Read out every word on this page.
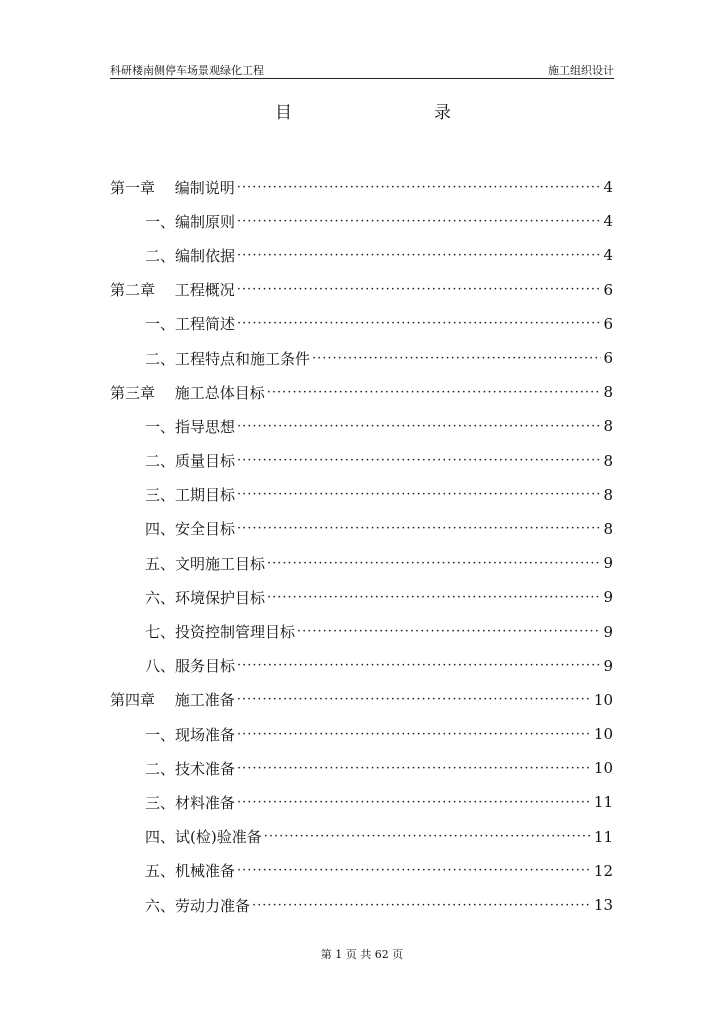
科研楼南侧停车场景观绿化工程	施工组织设计
目	录
第一章　 编制说明 ·····	4
一、编制原则 ·····	4
二、编制依据 ·····	4
第二章　 工程概况 ·····	6
一、工程简述 ·····	6
二、工程特点和施工条件 ·····	6
第三章　 施工总体目标 ·····	8
一、指导思想 ·····	8
二、质量目标 ·····	8
三、工期目标 ·····	8
四、安全目标 ·····	8
五、文明施工目标 ·····	9
六、环境保护目标 ·····	9
七、投资控制管理目标 ·····	9
八、服务目标 ·····	9
第四章　 施工准备 ·····	10
一、现场准备 ·····	10
二、技术准备 ·····	10
三、材料准备 ·····	11
四、试(检)验准备 ·····	11
五、机械准备 ·····	12
六、劳动力准备 ·····	13
第 1 页 共 62 页
